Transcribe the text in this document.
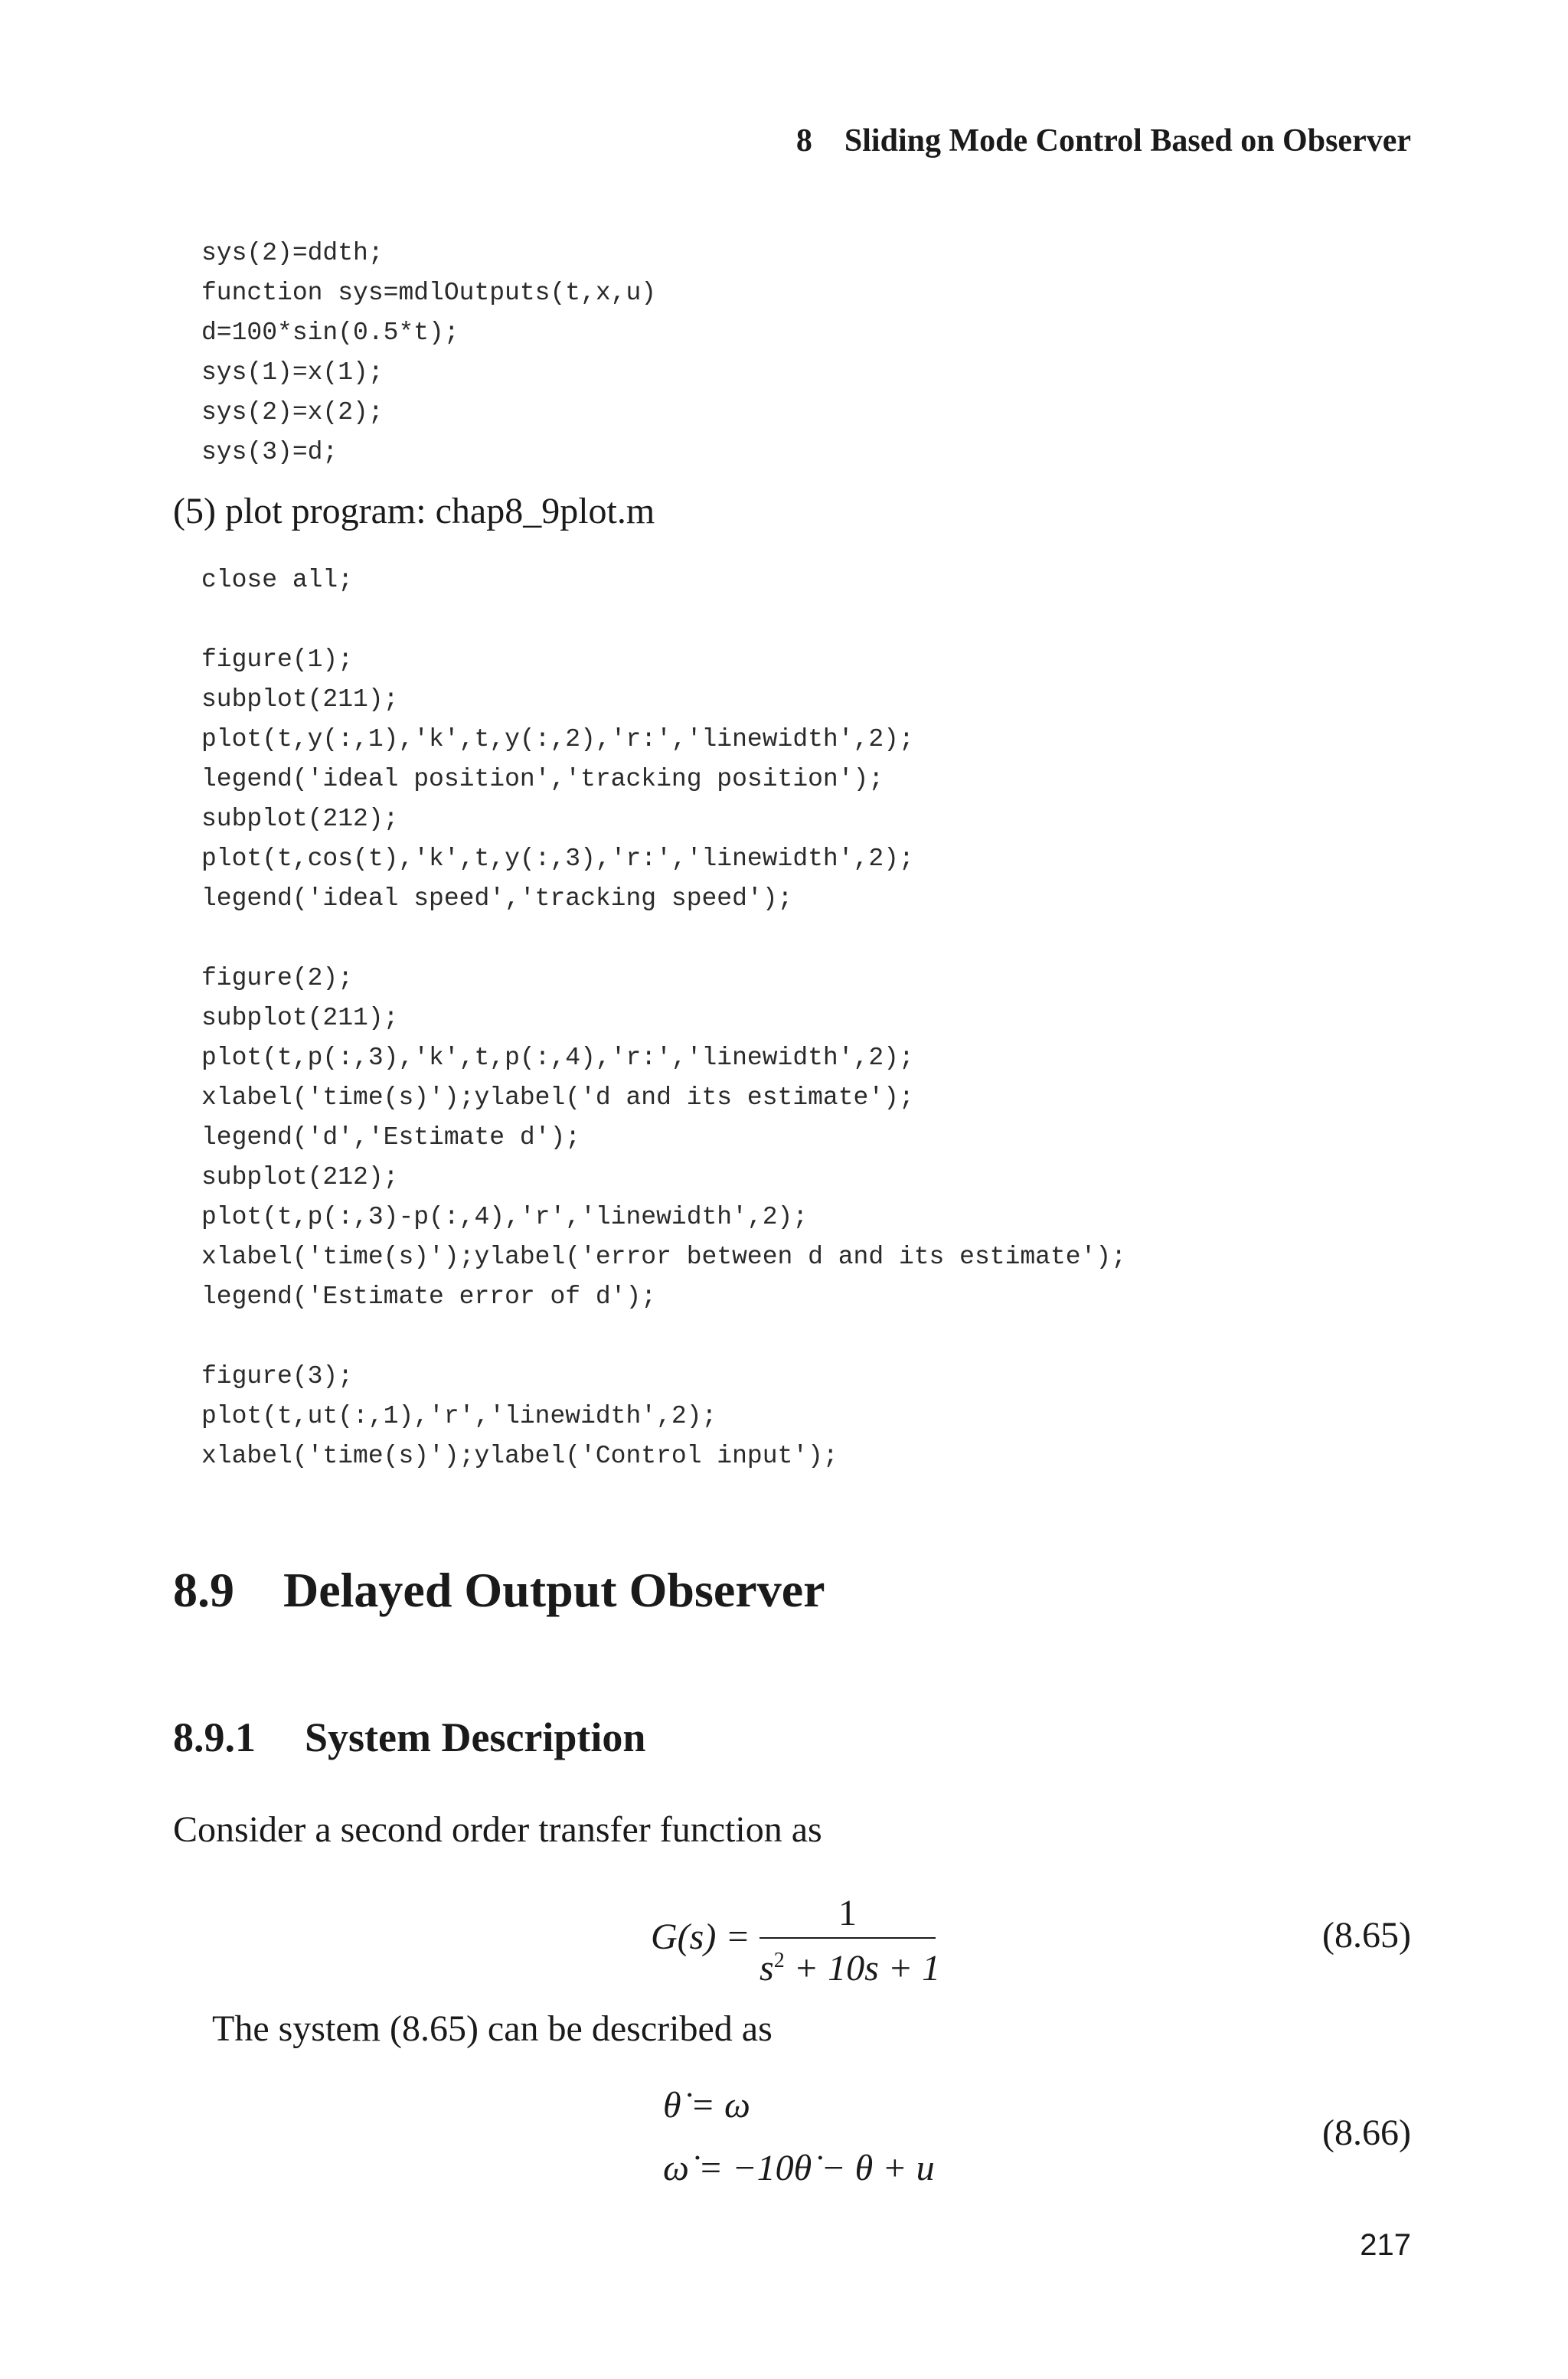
8 Sliding Mode Control Based on Observer
sys(2)=ddth;
function sys=mdlOutputs(t,x,u)
d=100*sin(0.5*t);
sys(1)=x(1);
sys(2)=x(2);
sys(3)=d;
(5) plot program: chap8_9plot.m
close all;
figure(1);
subplot(211);
plot(t,y(:,1),'k',t,y(:,2),'r:','linewidth',2);
legend('ideal position','tracking position');
subplot(212);
plot(t,cos(t),'k',t,y(:,3),'r:','linewidth',2);
legend('ideal speed','tracking speed');
figure(2);
subplot(211);
plot(t,p(:,3),'k',t,p(:,4),'r:','linewidth',2);
xlabel('time(s)');ylabel('d and its estimate');
legend('d','Estimate d');
subplot(212);
plot(t,p(:,3)-p(:,4),'r','linewidth',2);
xlabel('time(s)');ylabel('error between d and its estimate');
legend('Estimate error of d');
figure(3);
plot(t,ut(:,1),'r','linewidth',2);
xlabel('time(s)');ylabel('Control input');
8.9 Delayed Output Observer
8.9.1 System Description
Consider a second order transfer function as
G(s) =
1
$s^2 + 10s + 1$
(8.65)
The system (8.65) can be described as
θ̇ = ω
ω̇ = −10θ̇ − θ + u
(8.66)
217
